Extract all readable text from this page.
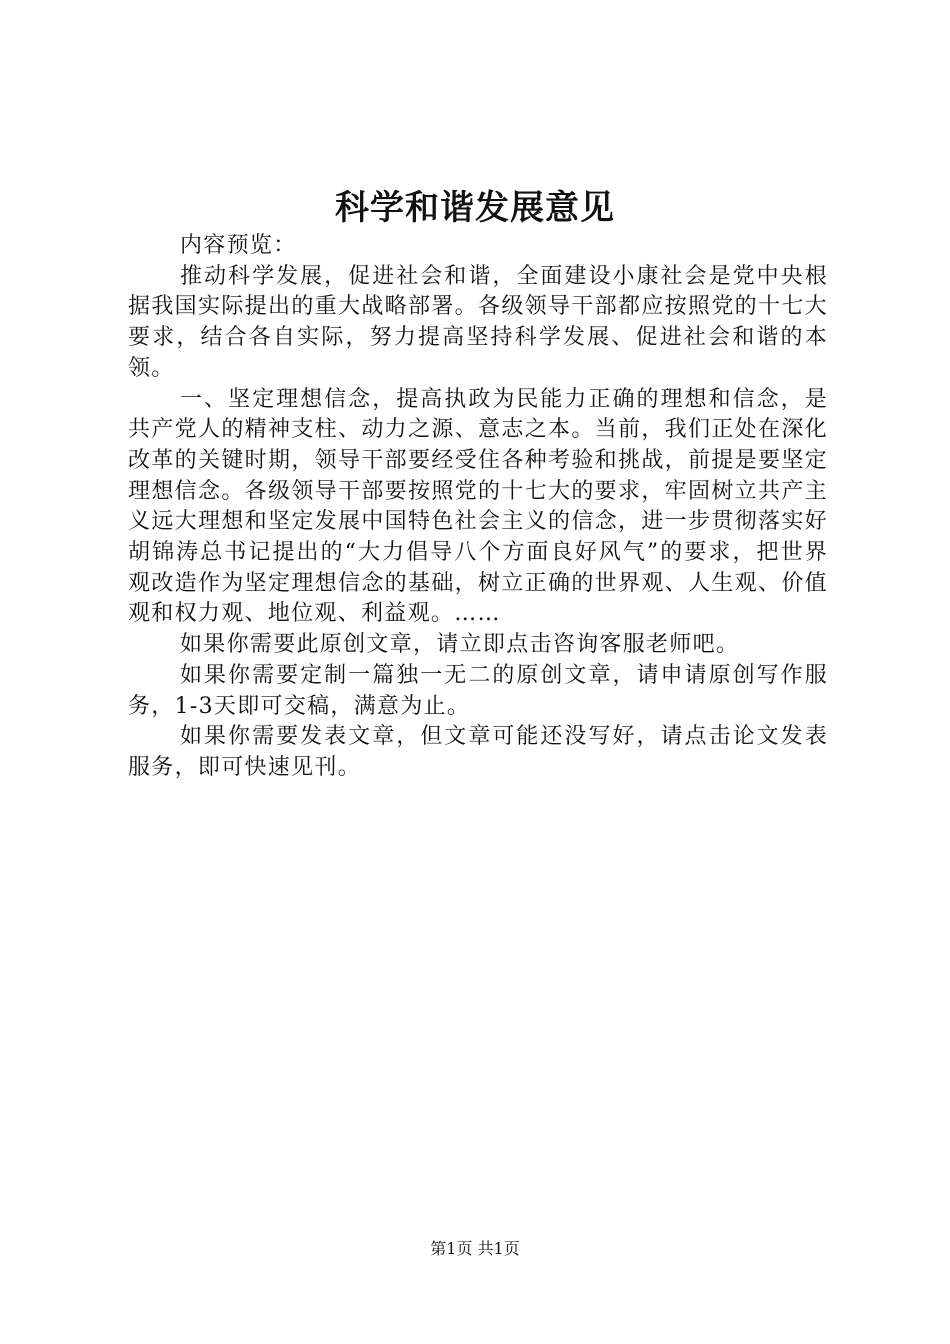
科学和谐发展意见

内容预览：

推动科学发展，促进社会和谐，全面建设小康社会是党中央根据我国实际提出的重大战略部署。各级领导干部都应按照党的十七大要求，结合各自实际，努力提高坚持科学发展、促进社会和谐的本领。

一、坚定理想信念，提高执政为民能力正确的理想和信念，是共产党人的精神支柱、动力之源、意志之本。当前，我们正处在深化改革的关键时期，领导干部要经受住各种考验和挑战，前提是要坚定理想信念。各级领导干部要按照党的十七大的要求，牢固树立共产主义远大理想和坚定发展中国特色社会主义的信念，进一步贯彻落实好胡锦涛总书记提出的“大力倡导八个方面良好风气”的要求，把世界观改造作为坚定理想信念的基础，树立正确的世界观、人生观、价值观和权力观、地位观、利益观。……

如果你需要此原创文章，请立即点击咨询客服老师吧。

如果你需要定制一篇独一无二的原创文章，请申请原创写作服务，1-3天即可交稿，满意为止。

如果你需要发表文章，但文章可能还没写好，请点击论文发表服务，即可快速见刊。

第1页 共1页
